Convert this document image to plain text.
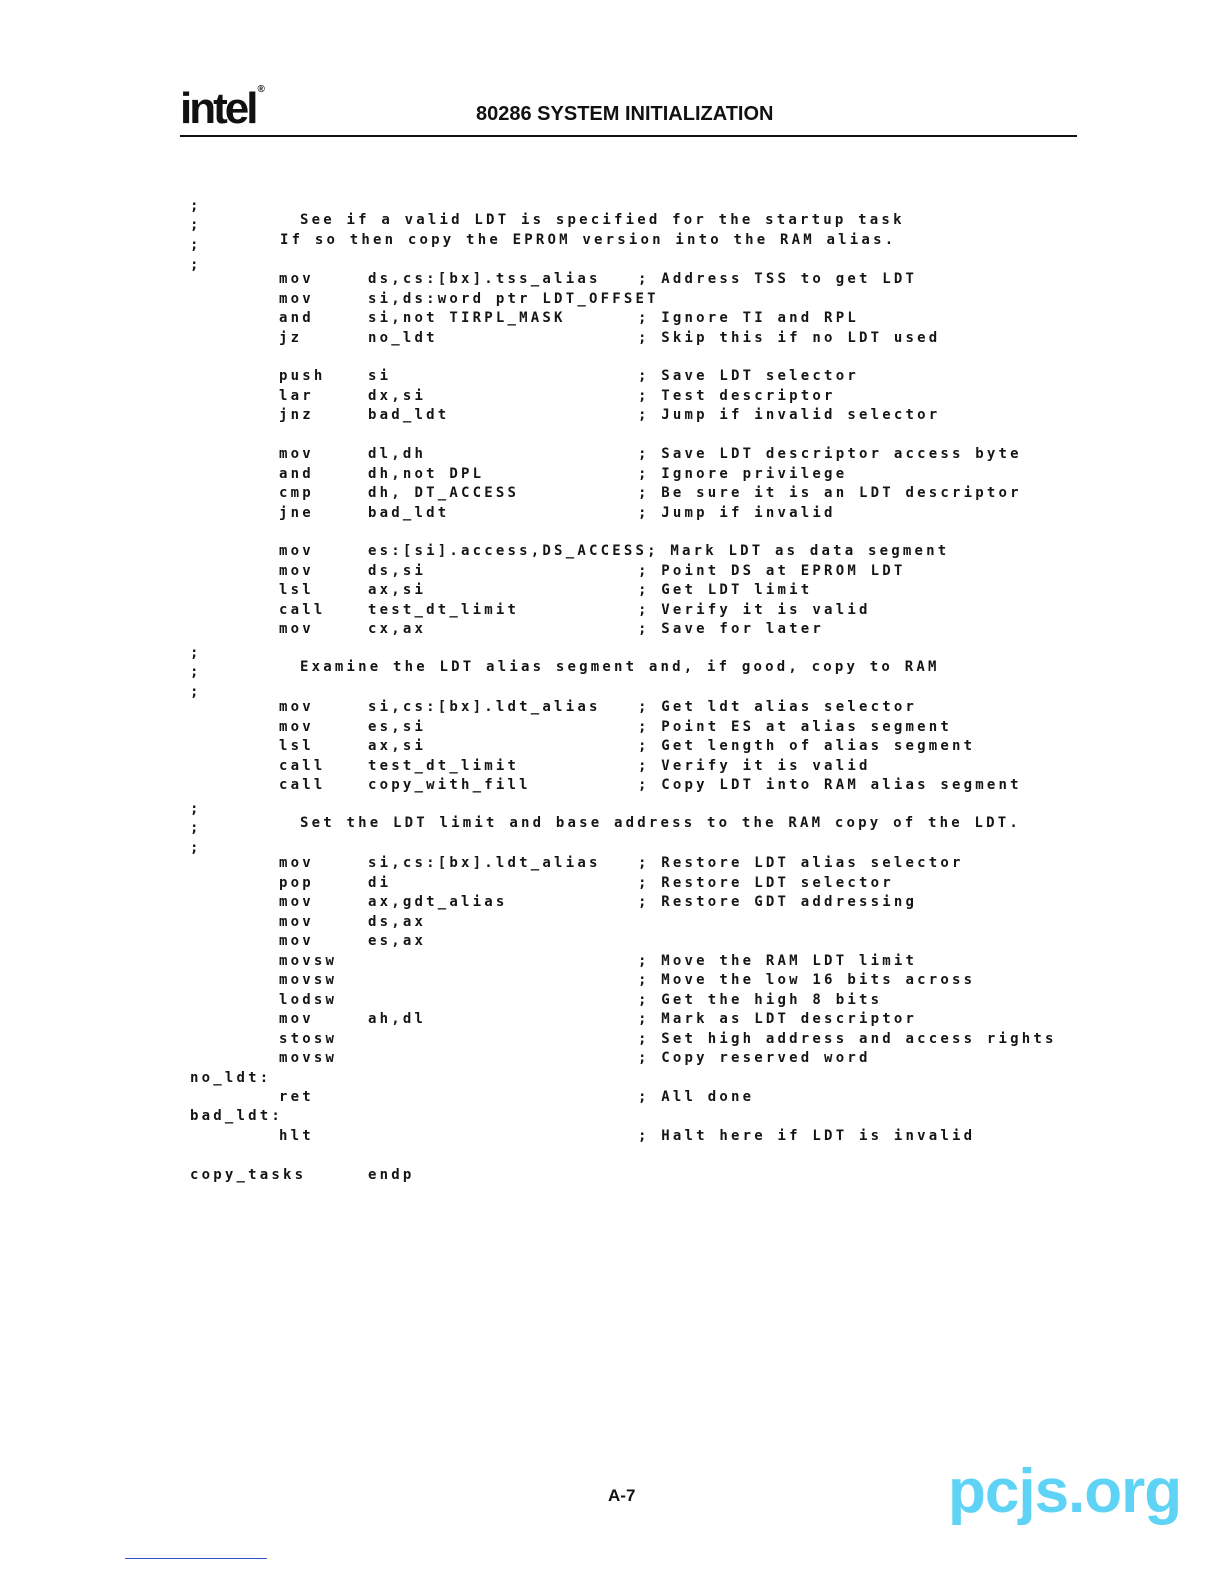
intel ®
80286 SYSTEM INITIALIZATION
;
;	See if a valid LDT is specified for the startup task
;	If so then copy the EPROM version into the RAM alias.
;
mov	ds,cs:[bx].tss_alias	; Address TSS to get LDT
mov	si,ds:word ptr LDT_OFFSET
and	si,not TIRPL_MASK	; Ignore TI and RPL
jz	no_ldt	; Skip this if no LDT used
push	si	; Save LDT selector
lar	dx,si	; Test descriptor
jnz	bad_ldt	; Jump if invalid selector
mov	dl,dh	; Save LDT descriptor access byte
and	dh,not DPL	; Ignore privilege
cmp	dh, DT_ACCESS	; Be sure it is an LDT descriptor
jne	bad_ldt	; Jump if invalid
mov	es:[si].access,DS_ACCESS; Mark LDT as data segment
mov	ds,si	; Point DS at EPROM LDT
lsl	ax,si	; Get LDT limit
call	test_dt_limit	; Verify it is valid
mov	cx,ax	; Save for later
;
;	Examine the LDT alias segment and, if good, copy to RAM
;
mov	si,cs:[bx].ldt_alias	; Get ldt alias selector
mov	es,si	; Point ES at alias segment
lsl	ax,si	; Get length of alias segment
call	test_dt_limit	; Verify it is valid
call	copy_with_fill	; Copy LDT into RAM alias segment
;
;	Set the LDT limit and base address to the RAM copy of the LDT.
;
mov	si,cs:[bx].ldt_alias	; Restore LDT alias selector
pop	di	; Restore LDT selector
mov	ax,gdt_alias	; Restore GDT addressing
mov	ds,ax
mov	es,ax
movsw	; Move the RAM LDT limit
movsw	; Move the low 16 bits across
lodsw	; Get the high 8 bits
mov	ah,dl	; Mark as LDT descriptor
stosw	; Set high address and access rights
movsw	; Copy reserved word
no_ldt:
ret	; All done
bad_ldt:
hlt	; Halt here if LDT is invalid
copy_tasks	endp
A-7	pcjs.org
